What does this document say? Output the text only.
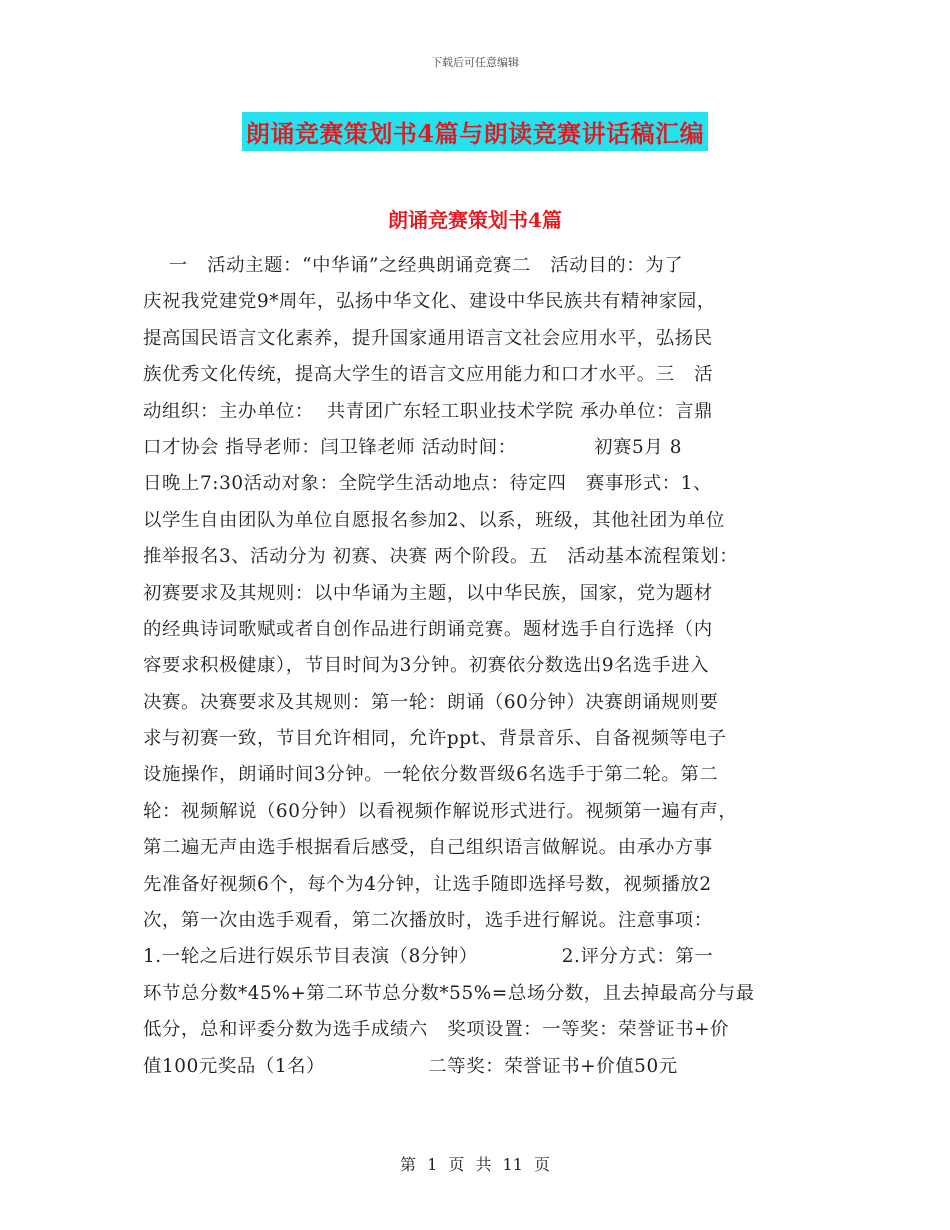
下载后可任意编辑
朗诵竞赛策划书4篇与朗读竞赛讲话稿汇编
朗诵竞赛策划书4篇
一   活动主题：“中华诵”之经典朗诵竞赛二   活动目的：为了
庆祝我党建党9*周年，弘扬中华文化、建设中华民族共有精神家园，
提高国民语言文化素养，提升国家通用语言文社会应用水平，弘扬民
族优秀文化传统，提高大学生的语言文应用能力和口才水平。三   活
动组织：主办单位：  共青团广东轻工职业技术学院 承办单位：言鼎
口才协会 指导老师：闫卫锋老师 活动时间：            初赛5月 8
日晚上7:30活动对象：全院学生活动地点：待定四   赛事形式：1、
以学生自由团队为单位自愿报名参加2、以系，班级，其他社团为单位
推举报名3、活动分为 初赛、决赛 两个阶段。五   活动基本流程策划：
初赛要求及其规则：以中华诵为主题，以中华民族，国家，党为题材
的经典诗词歌赋或者自创作品进行朗诵竞赛。题材选手自行选择（内
容要求积极健康），节目时间为3分钟。初赛依分数选出9名选手进入
决赛。决赛要求及其规则：第一轮：朗诵（60分钟）决赛朗诵规则要
求与初赛一致，节目允许相同，允许ppt、背景音乐、自备视频等电子
设施操作，朗诵时间3分钟。一轮依分数晋级6名选手于第二轮。第二
轮：视频解说（60分钟）以看视频作解说形式进行。视频第一遍有声，
第二遍无声由选手根据看后感受，自己组织语言做解说。由承办方事
先准备好视频6个，每个为4分钟，让选手随即选择号数，视频播放2
次，第一次由选手观看，第二次播放时，选手进行解说。注意事项：
1.一轮之后进行娱乐节目表演（8分钟）             2.评分方式：第一
环节总分数*45%+第二环节总分数*55%=总场分数，且去掉最高分与最
低分，总和评委分数为选手成绩六   奖项设置：一等奖：荣誉证书+价
值100元奖品（1名）                二等奖：荣誉证书+价值50元
第 1 页 共 11 页
